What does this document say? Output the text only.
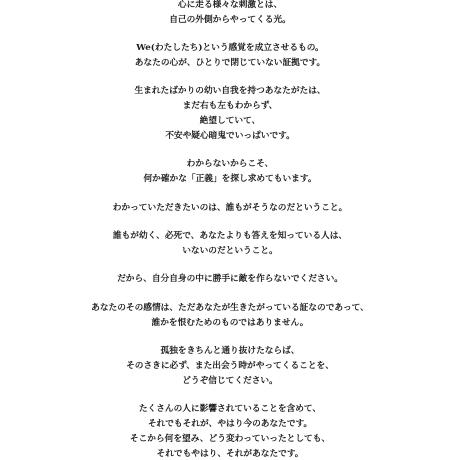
心に走る様々な刺激とは、
自己の外側からやってくる光。
We(わたしたち)という感覚を成立させるもの。
あなたの心が、ひとりで閉じていない証拠です。
生まれたばかりの幼い自我を持つあなたがたは、
まだ右も左もわからず、
絶望していて、
不安や疑心暗鬼でいっぱいです。
わからないからこそ、
何か確かな「正義」を探し求めてもいます。
わかっていただきたいのは、誰もがそうなのだということ。
誰もが幼く、必死で、あなたよりも答えを知っている人は、
いないのだということ。
だから、自分自身の中に勝手に敵を作らないでください。
あなたのその感情は、ただあなたが生きたがっている証なのであって、
誰かを恨むためのものではありません。
孤独をきちんと通り抜けたならば、
そのさきに必ず、また出会う時がやってくることを、
どうぞ信じてください。
たくさんの人に影響されていることを含めて、
それでもそれが、やはり今のあなたです。
そこから何を望み、どう変わっていったとしても、
それでもやはり、それがあなたです。
